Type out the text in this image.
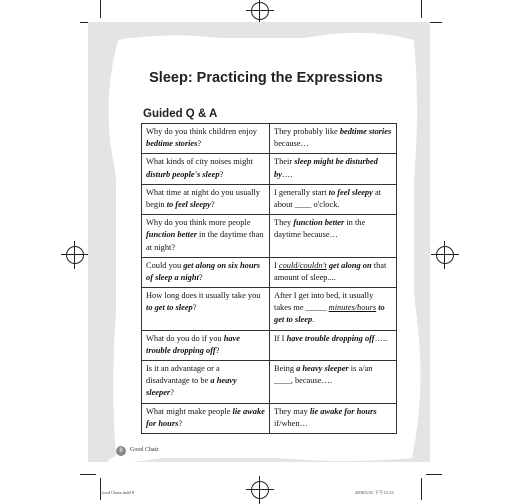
Sleep: Practicing the Expressions
Guided Q & A
Why do you think children enjoy bedtime stories?	They probably like bedtime stories because…
What kinds of city noises might disturb people's sleep?	Their sleep might be disturbed by….
What time at night do you usually begin to feel sleepy?	I generally start to feel sleepy at about ____ o'clock.
Why do you think more people function better in the daytime than at night?	They function better in the daytime because…
Could you get along on six hours of sleep a night?	I could/couldn't get along on that amount of sleep....
How long does it usually take you to get to sleep?	After I get into bed, it usually takes me _____ minutes/hours to get to sleep.
What do you do if you have trouble dropping off?	If I have trouble dropping off…..
Is it an advantage or a disadvantage to be a heavy sleeper?	Being a heavy sleeper is a/an ____, because….
What might make people lie awake for hours?	They may lie awake for hours if/when…
8	Good Chatz
Good Chatz.indd 8	2008/5/25 下午12:33
